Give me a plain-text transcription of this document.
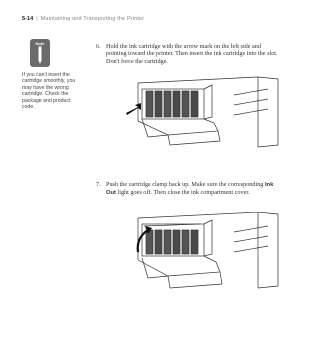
5-14 | Maintaining and Transporting the Printer
Note
If you can't insert the cartridge smoothly, you may have the wrong cartridge. Check the package and product code.
6. Hold the ink cartridge with the arrow mark on the left side and pointing toward the printer. Then insert the ink cartridge into the slot. Don't force the cartridge.
7. Push the cartridge clamp back up. Make sure the corresponding Ink Out light goes off. Then close the ink compartment cover.
